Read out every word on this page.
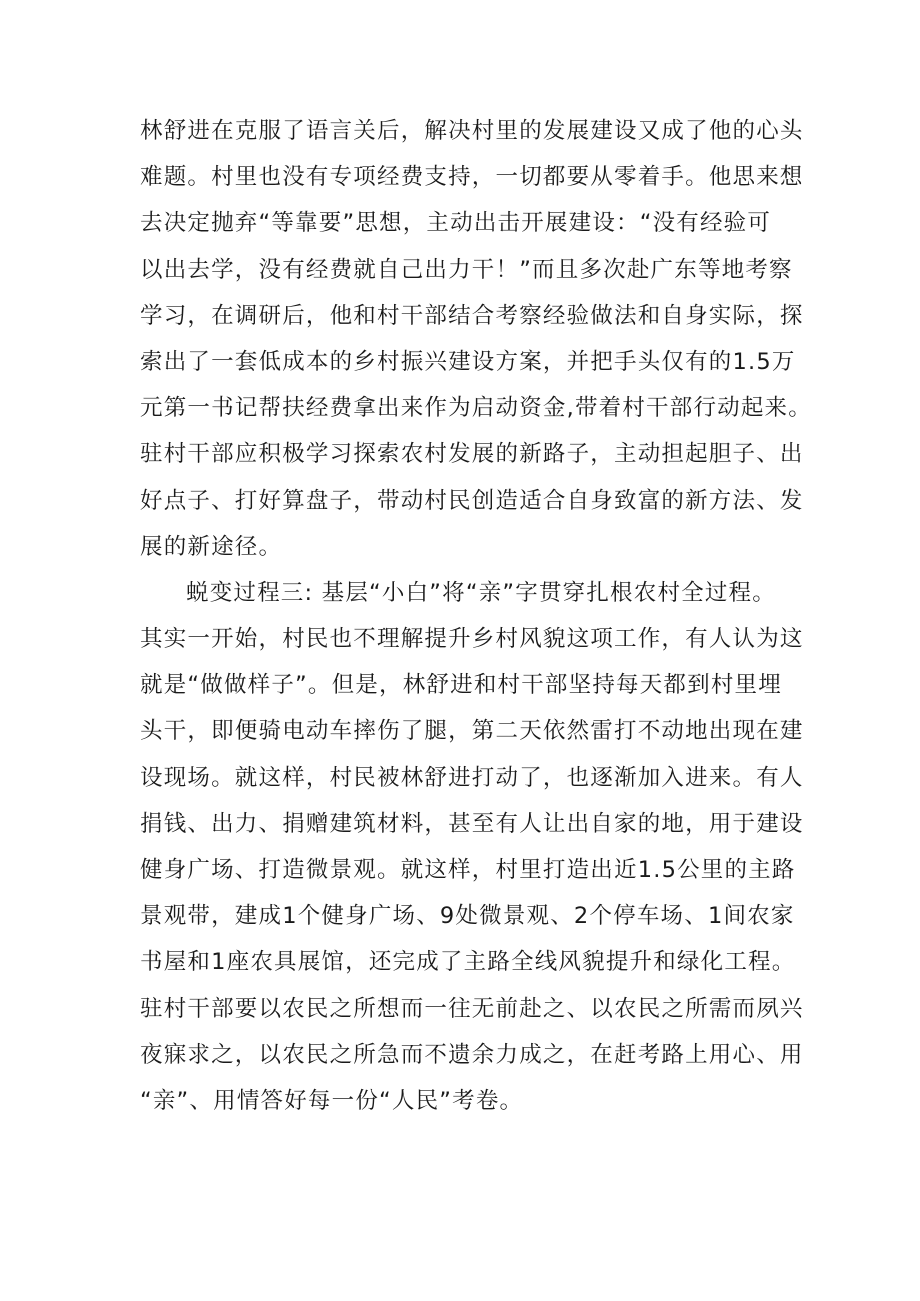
林舒进在克服了语言关后，解决村里的发展建设又成了他的心头
难题。村里也没有专项经费支持，一切都要从零着手。他思来想
去决定抛弃“等靠要”思想，主动出击开展建设：“没有经验可
以出去学，没有经费就自己出力干！”而且多次赴广东等地考察
学习，在调研后，他和村干部结合考察经验做法和自身实际，探
索出了一套低成本的乡村振兴建设方案，并把手头仅有的1.5万
元第一书记帮扶经费拿出来作为启动资金,带着村干部行动起来。
驻村干部应积极学习探索农村发展的新路子，主动担起胆子、出
好点子、打好算盘子，带动村民创造适合自身致富的新方法、发
展的新途径。
蜕变过程三: 基层“小白”将“亲”字贯穿扎根农村全过程。
其实一开始，村民也不理解提升乡村风貌这项工作，有人认为这
就是“做做样子”。但是，林舒进和村干部坚持每天都到村里埋
头干，即便骑电动车摔伤了腿，第二天依然雷打不动地出现在建
设现场。就这样，村民被林舒进打动了，也逐渐加入进来。有人
捐钱、出力、捐赠建筑材料，甚至有人让出自家的地，用于建设
健身广场、打造微景观。就这样，村里打造出近1.5公里的主路
景观带，建成1个健身广场、9处微景观、2个停车场、1间农家
书屋和1座农具展馆，还完成了主路全线风貌提升和绿化工程。
驻村干部要以农民之所想而一往无前赴之、以农民之所需而夙兴
夜寐求之，以农民之所急而不遗余力成之，在赶考路上用心、用
“亲”、用情答好每一份“人民”考卷。
